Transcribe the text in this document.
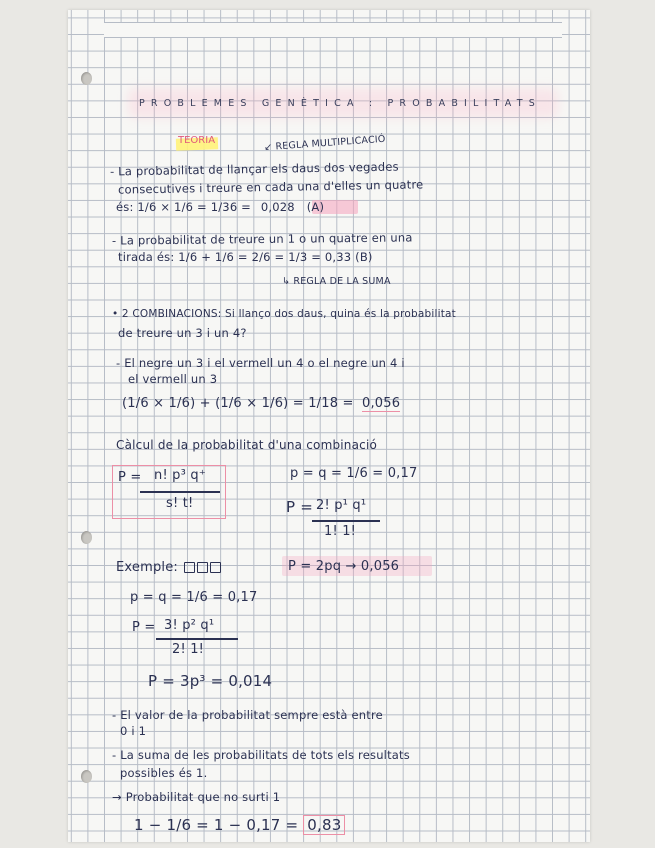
PROBLEMES GENÈTICA : PROBABILITATS
TEORIA
↙ REGLA MULTIPLICACIÓ
- La probabilitat de llançar els daus dos vegades
consecutives i treure en cada una d'elles un quatre
és: 1/6 × 1/6 = 1/36 = 0,028 (A)
- La probabilitat de treure un 1 o un quatre en una
tirada és: 1/6 + 1/6 = 2/6 = 1/3 = 0,33 (B)
↳ REGLA DE LA SUMA
• 2 COMBINACIONS: Si llanço dos daus, quina és la probabilitat
de treure un 3 i un 4?
- El negre un 3 i el vermell un 4 o el negre un 4 i
el vermell un 3
(1/6 × 1/6) + (1/6 × 1/6) = 1/18 = 0,056
Càlcul de la probabilitat d'una combinació
P = n! p³ q⁺
s! t!
p = q = 1/6 = 0,17
P = 2! p¹ q¹
1! 1!
Exemple:	P = 2pq → 0,056
p = q = 1/6 = 0,17
P = 3! p² q¹
2! 1!
P = 3p³ = 0,014
- El valor de la probabilitat sempre està entre
0 i 1
- La suma de les probabilitats de tots els resultats
possibles és 1.
→ Probabilitat que no surti 1
1 − 1/6 = 1 − 0,17 = 0,83
